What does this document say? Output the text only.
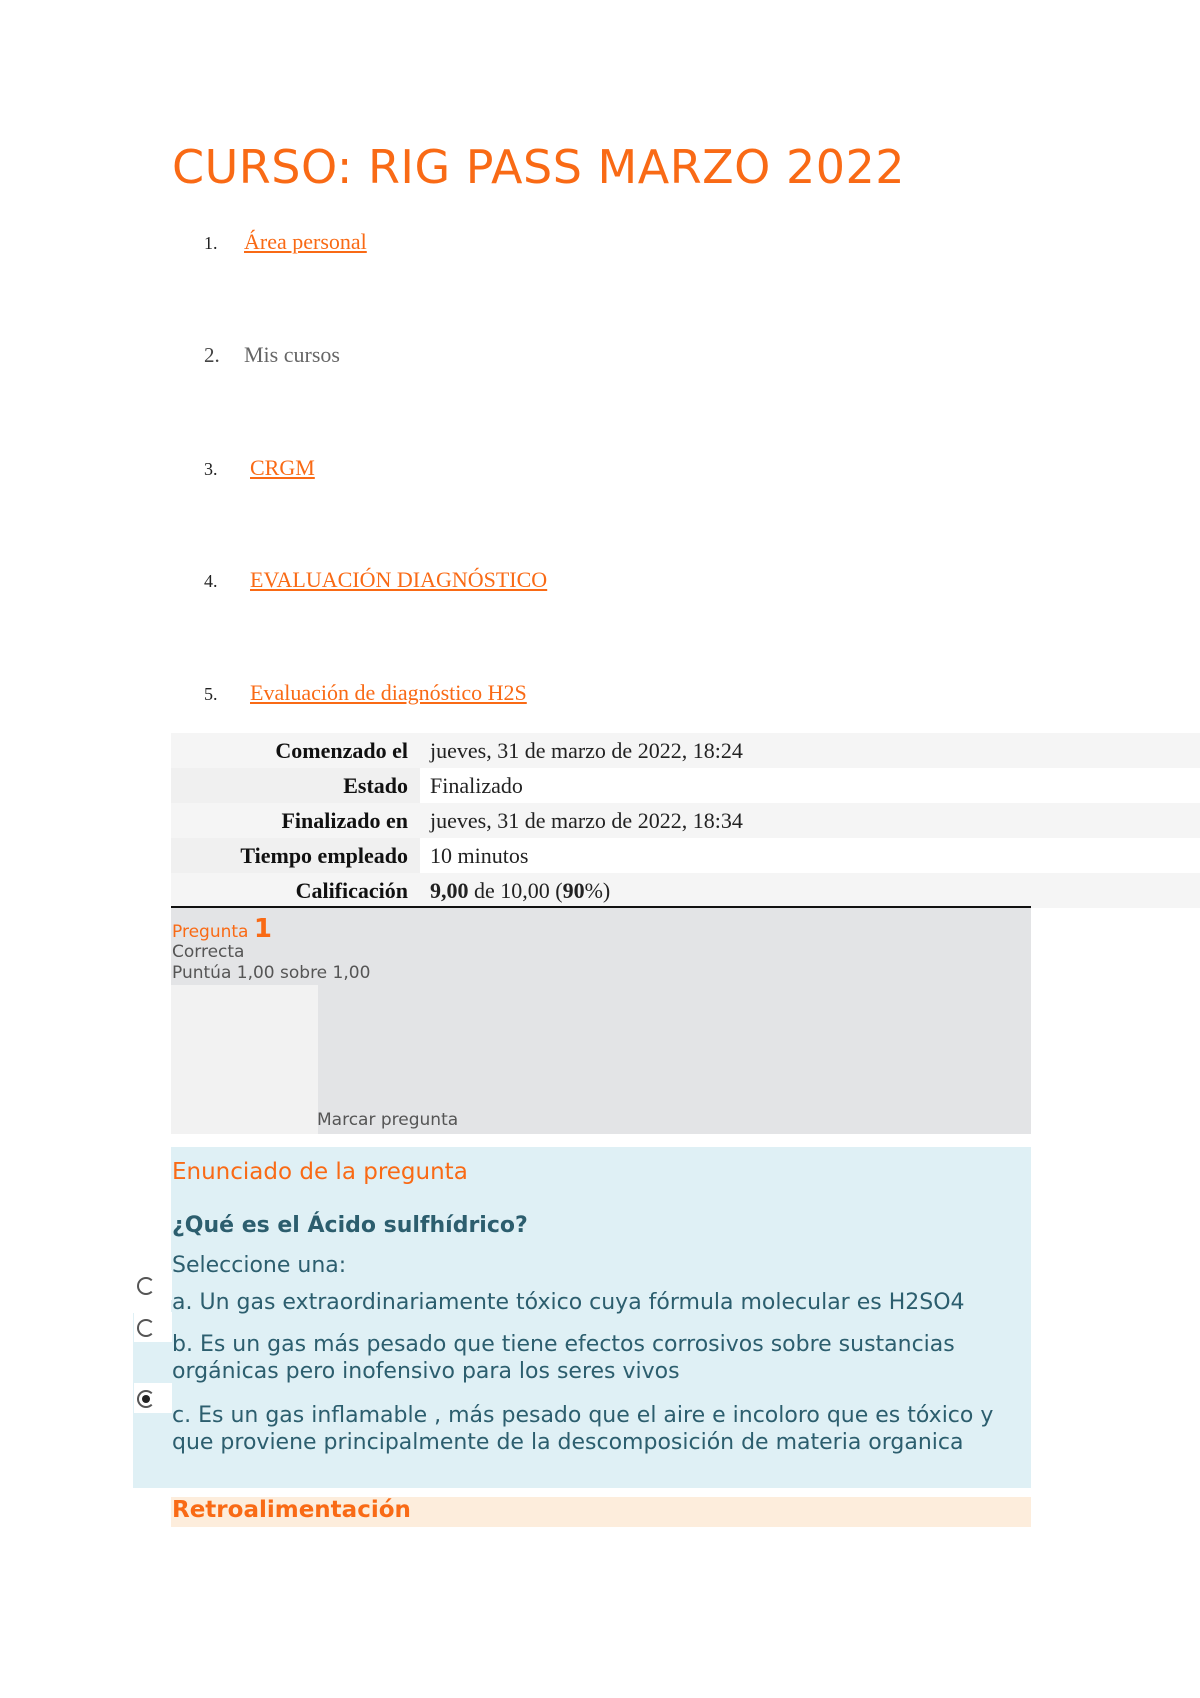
CURSO: RIG PASS MARZO 2022
1. Área personal
2. Mis cursos
3. CRGM
4. EVALUACIÓN DIAGNÓSTICO
5. Evaluación de diagnóstico H2S
Comenzado el	jueves, 31 de marzo de 2022, 18:24
Estado	Finalizado
Finalizado en	jueves, 31 de marzo de 2022, 18:34
Tiempo empleado	10 minutos
Calificación	9,00 de 10,00 (90%)
Pregunta 1
Correcta
Puntúa 1,00 sobre 1,00
Marcar pregunta
Enunciado de la pregunta
¿Qué es el Ácido sulfhídrico?
Seleccione una:
a. Un gas extraordinariamente tóxico cuya fórmula molecular es H2SO4
b. Es un gas más pesado que tiene efectos corrosivos sobre sustancias orgánicas pero inofensivo para los seres vivos
c. Es un gas inflamable , más pesado que el aire e incoloro que es tóxico y que proviene principalmente de la descomposición de materia organica
Retroalimentación
